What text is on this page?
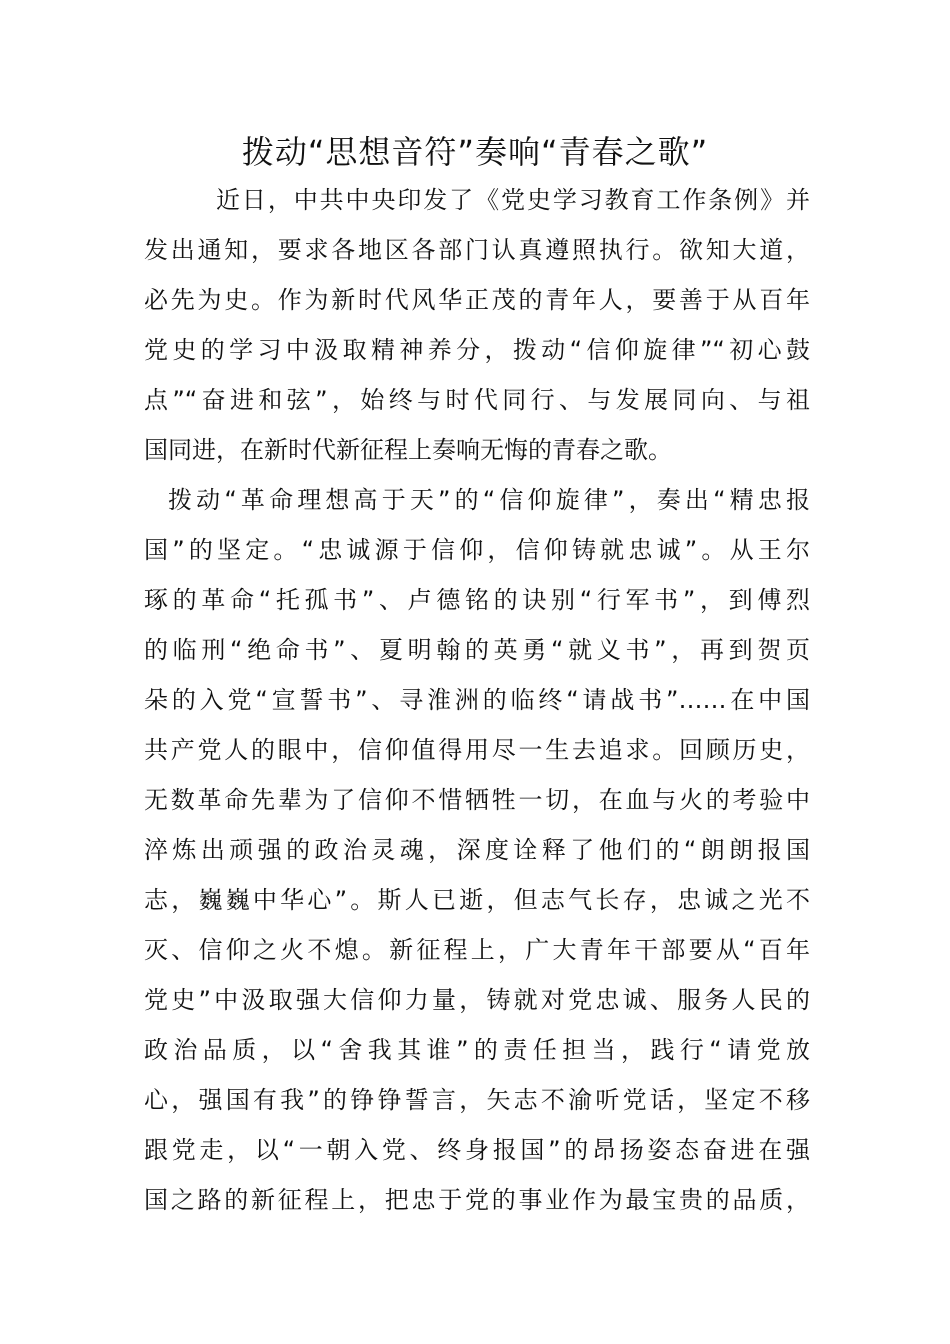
拨动“思想音符”奏响“青春之歌”

近日，中共中央印发了《党史学习教育工作条例》并

发出通知，要求各地区各部门认真遵照执行。欲知大道，

必先为史。作为新时代风华正茂的青年人，要善于从百年

党史的学习中汲取精神养分，拨动“信仰旋律”“初心鼓

点”“奋进和弦”，始终与时代同行、与发展同向、与祖

国同进，在新时代新征程上奏响无悔的青春之歌。

拨动“革命理想高于天”的“信仰旋律”，奏出“精忠报

国”的坚定。“忠诚源于信仰，信仰铸就忠诚”。从王尔

琢的革命“托孤书”、卢德铭的诀别“行军书”，到傅烈

的临刑“绝命书”、夏明翰的英勇“就义书”，再到贺页

朵的入党“宣誓书”、寻淮洲的临终“请战书”……在中国

共产党人的眼中，信仰值得用尽一生去追求。回顾历史，

无数革命先辈为了信仰不惜牺牲一切，在血与火的考验中

淬炼出顽强的政治灵魂，深度诠释了他们的“朗朗报国

志，巍巍中华心”。斯人已逝，但志气长存，忠诚之光不

灭、信仰之火不熄。新征程上，广大青年干部要从“百年

党史”中汲取强大信仰力量，铸就对党忠诚、服务人民的

政治品质，以“舍我其谁”的责任担当，践行“请党放

心，强国有我”的铮铮誓言，矢志不渝听党话，坚定不移

跟党走，以“一朝入党、终身报国”的昂扬姿态奋进在强

国之路的新征程上，把忠于党的事业作为最宝贵的品质，
